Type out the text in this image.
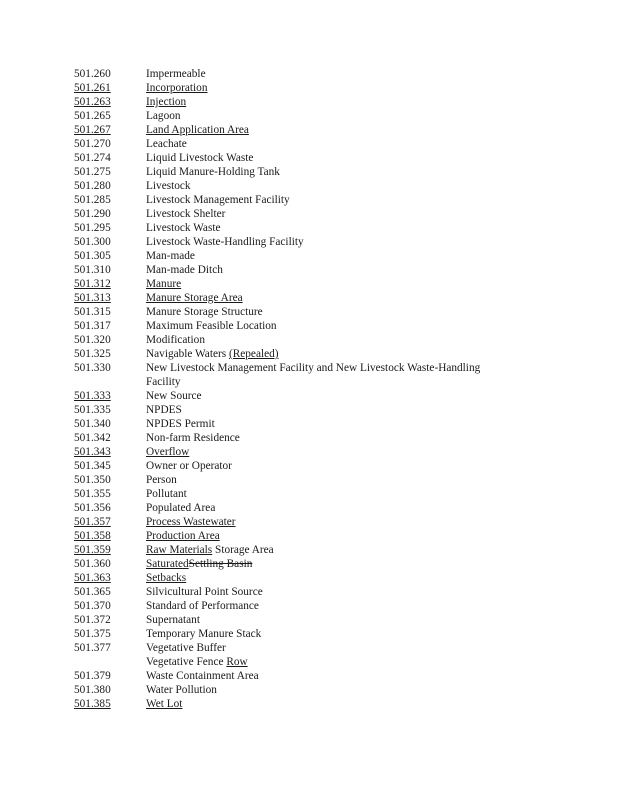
501.260	Impermeable
501.261	Incorporation
501.263	Injection
501.265	Lagoon
501.267	Land Application Area
501.270	Leachate
501.274	Liquid Livestock Waste
501.275	Liquid Manure-Holding Tank
501.280	Livestock
501.285	Livestock Management Facility
501.290	Livestock Shelter
501.295	Livestock Waste
501.300	Livestock Waste-Handling Facility
501.305	Man-made
501.310	Man-made Ditch
501.312	Manure
501.313	Manure Storage Area
501.315	Manure Storage Structure
501.317	Maximum Feasible Location
501.320	Modification
501.325	Navigable Waters (Repealed)
501.330	New Livestock Management Facility and New Livestock Waste-Handling
Facility
501.333	New Source
501.335	NPDES
501.340	NPDES Permit
501.342	Non-farm Residence
501.343	Overflow
501.345	Owner or Operator
501.350	Person
501.355	Pollutant
501.356	Populated Area
501.357	Process Wastewater
501.358	Production Area
501.359	Raw Materials Storage Area
501.360	SaturatedSettling Basin
501.363	Setbacks
501.365	Silvicultural Point Source
501.370	Standard of Performance
501.372	Supernatant
501.375	Temporary Manure Stack
501.377	Vegetative Buffer
Vegetative Fence Row
501.379	Waste Containment Area
501.380	Water Pollution
501.385	Wet Lot
